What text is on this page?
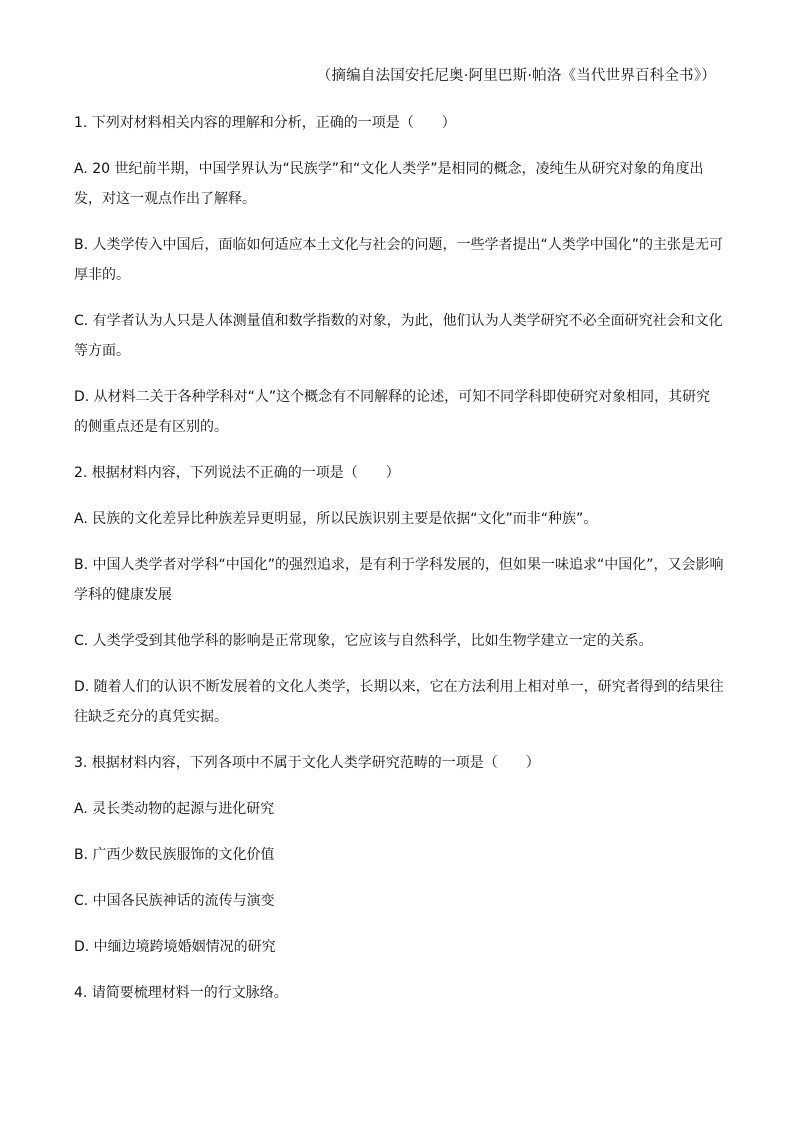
（摘编自法国安托尼奥·阿里巴斯·帕洛《当代世界百科全书》）

1. 下列对材料相关内容的理解和分析，正确的一项是（　　）

A. 20 世纪前半期，中国学界认为“民族学”和“文化人类学”是相同的概念，凌纯生从研究对象的角度出发，对这一观点作出了解释。

B. 人类学传入中国后，面临如何适应本土文化与社会的问题，一些学者提出“人类学中国化”的主张是无可厚非的。

C. 有学者认为人只是人体测量值和数学指数的对象，为此，他们认为人类学研究不必全面研究社会和文化等方面。

D. 从材料二关于各种学科对“人”这个概念有不同解释的论述，可知不同学科即使研究对象相同，其研究的侧重点还是有区别的。

2. 根据材料内容，下列说法不正确的一项是（　　）

A. 民族的文化差异比种族差异更明显，所以民族识别主要是依据“文化”而非“种族”。

B. 中国人类学者对学科“中国化”的强烈追求，是有利于学科发展的，但如果一味追求“中国化”，又会影响学科的健康发展

C. 人类学受到其他学科的影响是正常现象，它应该与自然科学，比如生物学建立一定的关系。

D. 随着人们的认识不断发展着的文化人类学，长期以来，它在方法利用上相对单一，研究者得到的结果往往缺乏充分的真凭实据。

3. 根据材料内容，下列各项中不属于文化人类学研究范畴的一项是（　　）

A. 灵长类动物的起源与进化研究

B. 广西少数民族服饰的文化价值

C. 中国各民族神话的流传与演变

D. 中缅边境跨境婚姻情况的研究

4. 请简要梳理材料一的行文脉络。
